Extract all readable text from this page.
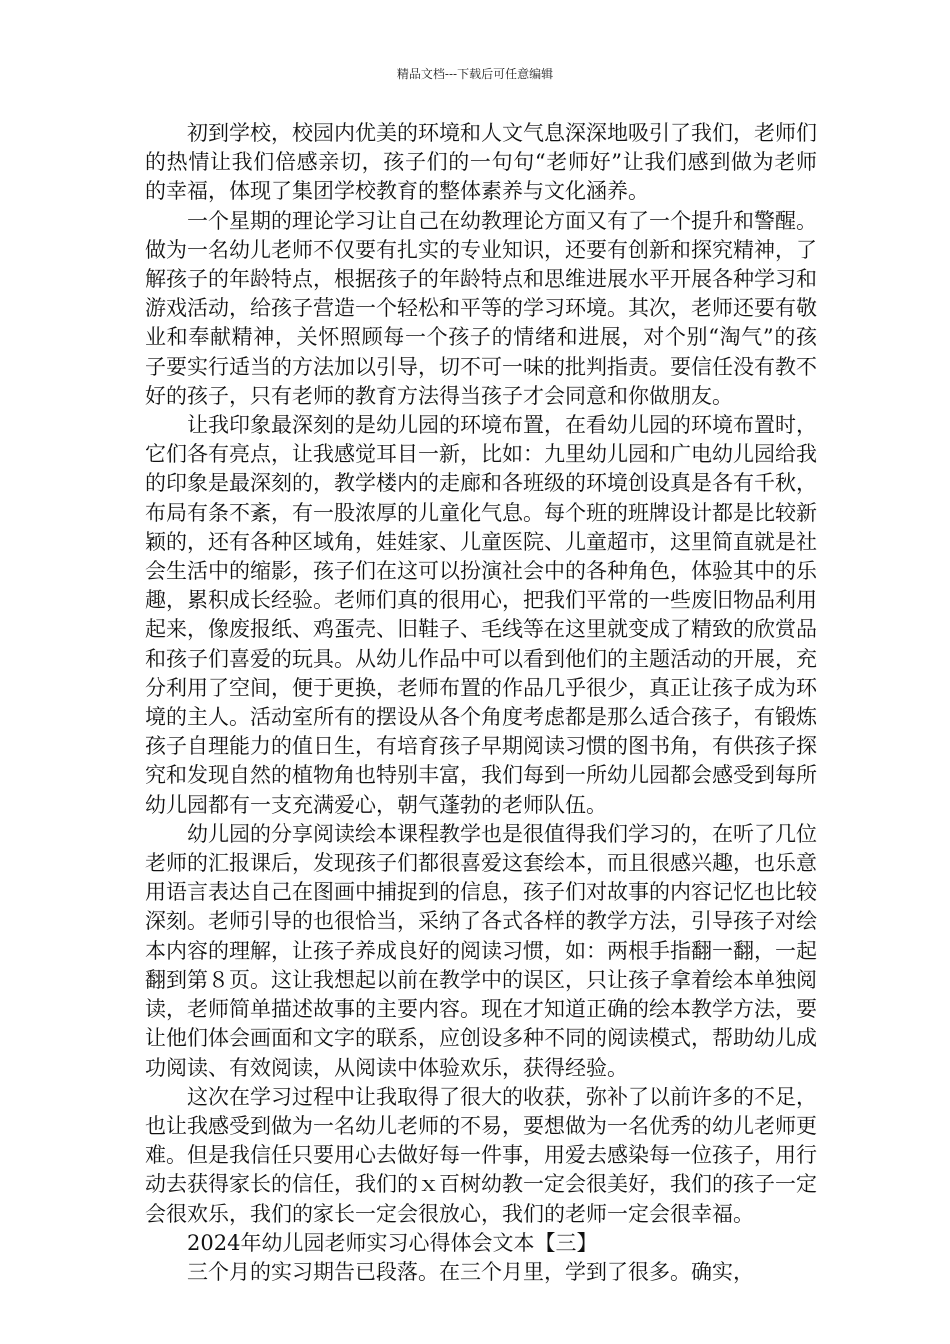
精品文档---下载后可任意编辑

初到学校，校园内优美的环境和人文气息深深地吸引了我们，老师们的热情让我们倍感亲切，孩子们的一句句“老师好”让我们感到做为老师的幸福，体现了集团学校教育的整体素养与文化涵养。

一个星期的理论学习让自己在幼教理论方面又有了一个提升和警醒。做为一名幼儿老师不仅要有扎实的专业知识，还要有创新和探究精神，了解孩子的年龄特点，根据孩子的年龄特点和思维进展水平开展各种学习和游戏活动，给孩子营造一个轻松和平等的学习环境。其次，老师还要有敬业和奉献精神，关怀照顾每一个孩子的情绪和进展，对个别“淘气”的孩子要实行适当的方法加以引导，切不可一味的批判指责。要信任没有教不好的孩子，只有老师的教育方法得当孩子才会同意和你做朋友。

让我印象最深刻的是幼儿园的环境布置，在看幼儿园的环境布置时，它们各有亮点，让我感觉耳目一新，比如：九里幼儿园和广电幼儿园给我的印象是最深刻的，教学楼内的走廊和各班级的环境创设真是各有千秋，布局有条不紊，有一股浓厚的儿童化气息。每个班的班牌设计都是比较新颖的，还有各种区域角，娃娃家、儿童医院、儿童超市，这里简直就是社会生活中的缩影，孩子们在这可以扮演社会中的各种角色，体验其中的乐趣，累积成长经验。老师们真的很用心，把我们平常的一些废旧物品利用起来，像废报纸、鸡蛋壳、旧鞋子、毛线等在这里就变成了精致的欣赏品和孩子们喜爱的玩具。从幼儿作品中可以看到他们的主题活动的开展，充分利用了空间，便于更换，老师布置的作品几乎很少，真正让孩子成为环境的主人。活动室所有的摆设从各个角度考虑都是那么适合孩子，有锻炼孩子自理能力的值日生，有培育孩子早期阅读习惯的图书角，有供孩子探究和发现自然的植物角也特别丰富，我们每到一所幼儿园都会感受到每所幼儿园都有一支充满爱心，朝气蓬勃的老师队伍。

幼儿园的分享阅读绘本课程教学也是很值得我们学习的，在听了几位老师的汇报课后，发现孩子们都很喜爱这套绘本，而且很感兴趣，也乐意用语言表达自己在图画中捕捉到的信息，孩子们对故事的内容记忆也比较深刻。老师引导的也很恰当，采纳了各式各样的教学方法，引导孩子对绘本内容的理解，让孩子养成良好的阅读习惯，如：两根手指翻一翻，一起翻到第８页。这让我想起以前在教学中的误区，只让孩子拿着绘本单独阅读，老师简单描述故事的主要内容。现在才知道正确的绘本教学方法，要让他们体会画面和文字的联系，应创设多种不同的阅读模式，帮助幼儿成功阅读、有效阅读，从阅读中体验欢乐，获得经验。

这次在学习过程中让我取得了很大的收获，弥补了以前许多的不足，也让我感受到做为一名幼儿老师的不易，要想做为一名优秀的幼儿老师更难。但是我信任只要用心去做好每一件事，用爱去感染每一位孩子，用行动去获得家长的信任，我们的ｘ百树幼教一定会很美好，我们的孩子一定会很欢乐，我们的家长一定会很放心，我们的老师一定会很幸福。

2024年幼儿园老师实习心得体会文本【三】

三个月的实习期告已段落。在三个月里，学到了很多。确实，
